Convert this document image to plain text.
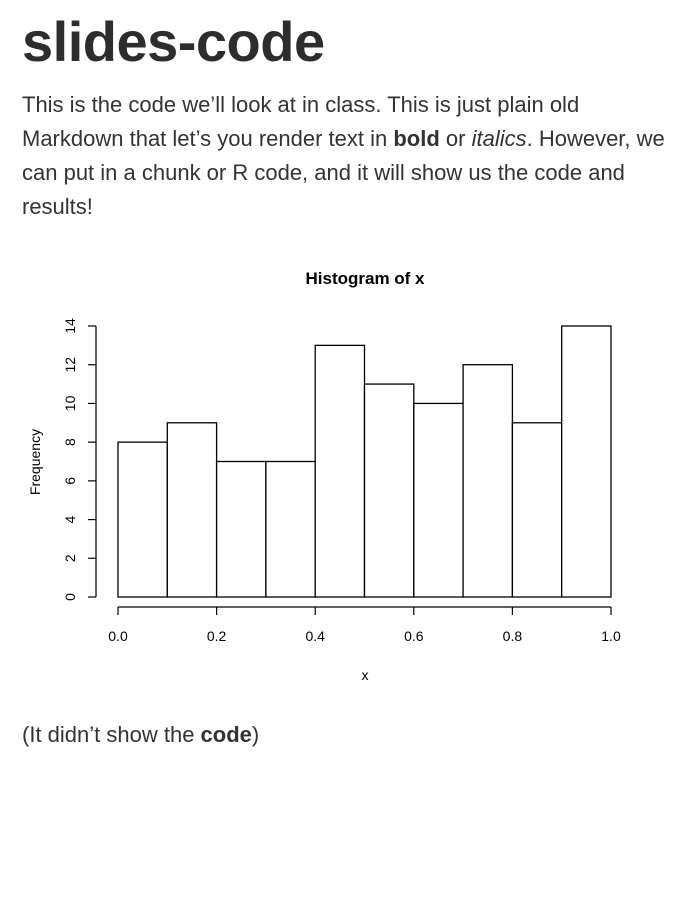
slides-code

This is the code we’ll look at in class. This is just plain old Markdown that let’s you render text in bold or italics. However, we can put in a chunk or R code, and it will show us the code and results!

Histogram of x
Frequency
x
0.0	0.2	0.4	0.6	0.8	1.0
0
2
4
6
8
10
12
14

(It didn’t show the code)
